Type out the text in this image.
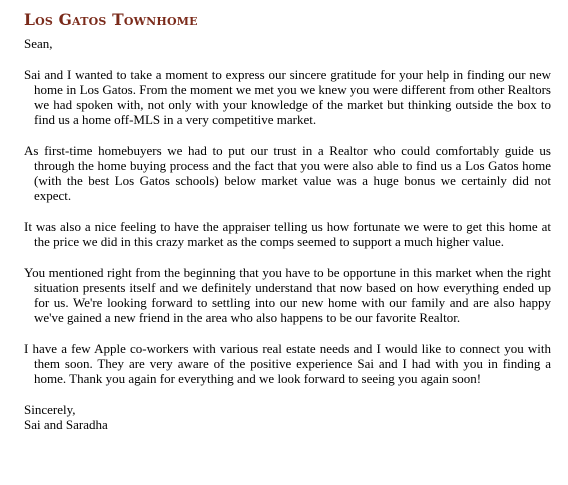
Los Gatos Townhome

Sean,

Sai and I wanted to take a moment to express our sincere gratitude for your help in finding our new home in Los Gatos. From the moment we met you we knew you were different from other Realtors we had spoken with, not only with your knowledge of the market but thinking outside the box to find us a home off-MLS in a very competitive market.

As first-time homebuyers we had to put our trust in a Realtor who could comfortably guide us through the home buying process and the fact that you were also able to find us a Los Gatos home (with the best Los Gatos schools) below market value was a huge bonus we certainly did not expect.

It was also a nice feeling to have the appraiser telling us how fortunate we were to get this home at the price we did in this crazy market as the comps seemed to support a much higher value.

You mentioned right from the beginning that you have to be opportune in this market when the right situation presents itself and we definitely understand that now based on how everything ended up for us. We're looking forward to settling into our new home with our family and are also happy we've gained a new friend in the area who also happens to be our favorite Realtor.

I have a few Apple co-workers with various real estate needs and I would like to connect you with them soon. They are very aware of the positive experience Sai and I had with you in finding a home. Thank you again for everything and we look forward to seeing you again soon!

Sincerely,
Sai and Saradha
